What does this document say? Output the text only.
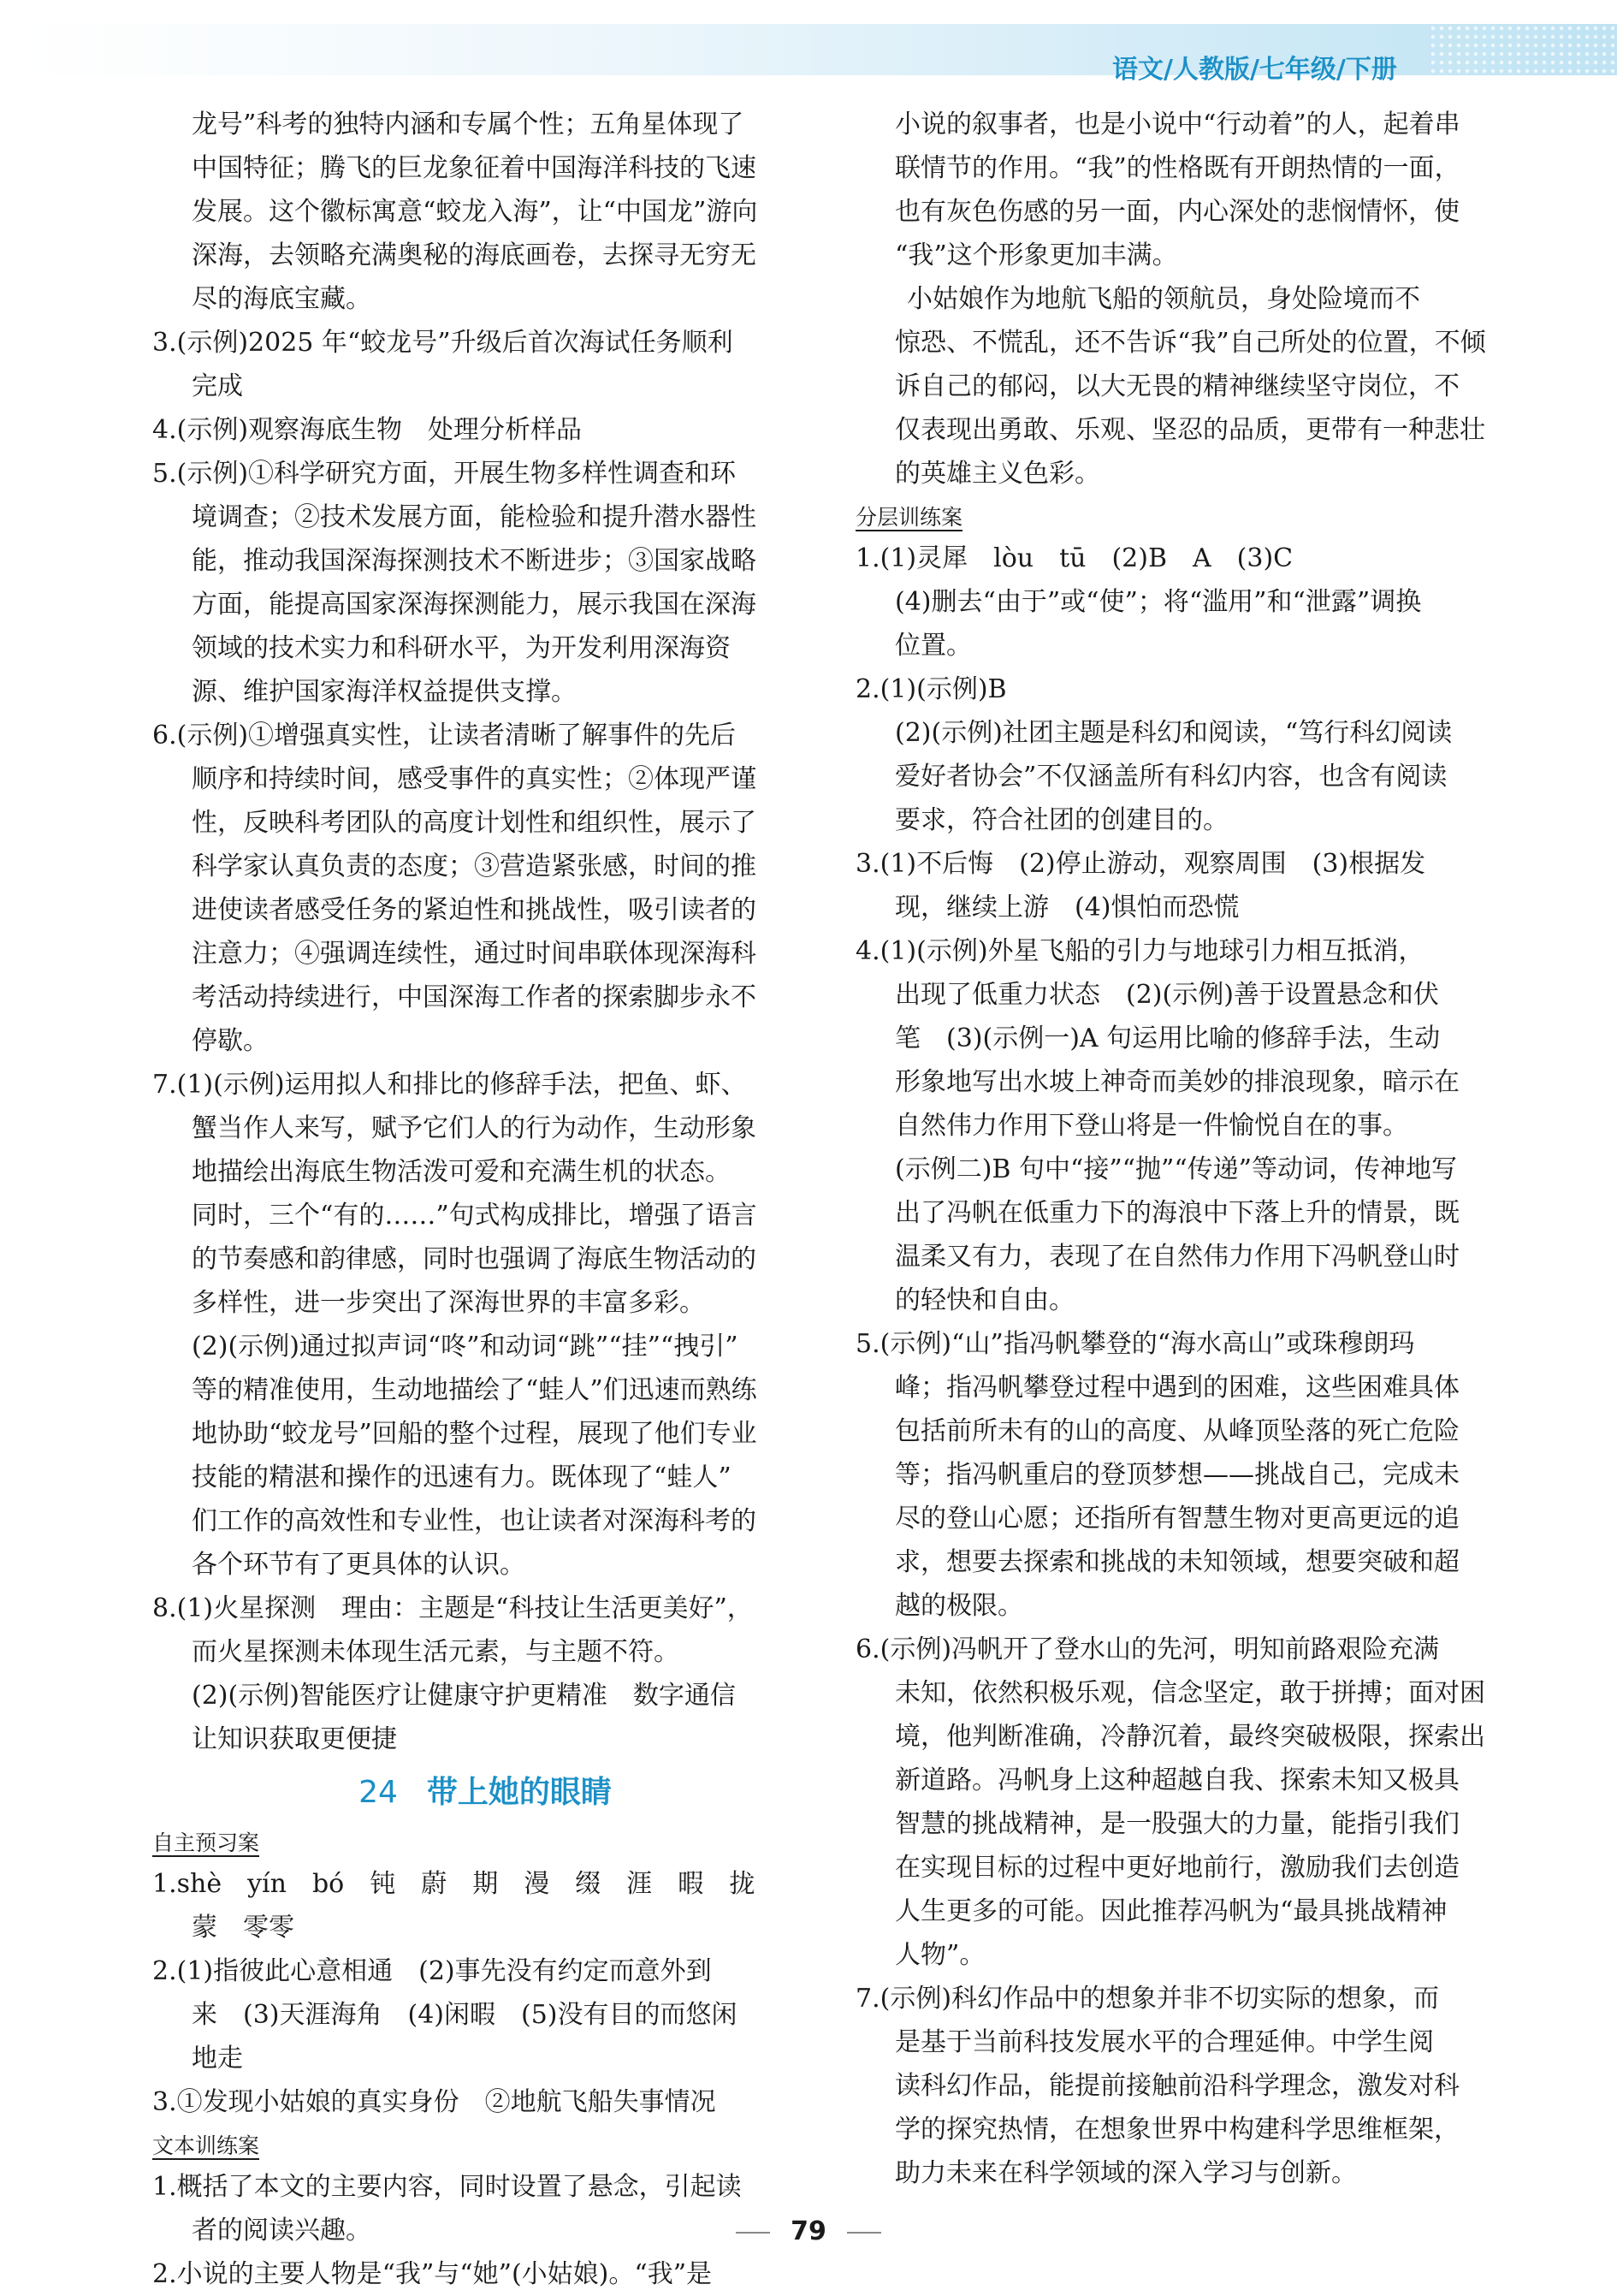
语文/人教版/七年级/下册
龙号”科考的独特内涵和专属个性；五角星体现了
中国特征；腾飞的巨龙象征着中国海洋科技的飞速
发展。这个徽标寓意“蛟龙入海”，让“中国龙”游向
深海，去领略充满奥秘的海底画卷，去探寻无穷无
尽的海底宝藏。
3.(示例)2025 年“蛟龙号”升级后首次海试任务顺利
完成
4.(示例)观察海底生物　处理分析样品
5.(示例)①科学研究方面，开展生物多样性调查和环
境调查；②技术发展方面，能检验和提升潜水器性
能，推动我国深海探测技术不断进步；③国家战略
方面，能提高国家深海探测能力，展示我国在深海
领域的技术实力和科研水平，为开发利用深海资
源、维护国家海洋权益提供支撑。
6.(示例)①增强真实性，让读者清晰了解事件的先后
顺序和持续时间，感受事件的真实性；②体现严谨
性，反映科考团队的高度计划性和组织性，展示了
科学家认真负责的态度；③营造紧张感，时间的推
进使读者感受任务的紧迫性和挑战性，吸引读者的
注意力；④强调连续性，通过时间串联体现深海科
考活动持续进行，中国深海工作者的探索脚步永不
停歇。
7.(1)(示例)运用拟人和排比的修辞手法，把鱼、虾、
蟹当作人来写，赋予它们人的行为动作，生动形象
地描绘出海底生物活泼可爱和充满生机的状态。
同时，三个“有的……”句式构成排比，增强了语言
的节奏感和韵律感，同时也强调了海底生物活动的
多样性，进一步突出了深海世界的丰富多彩。
(2)(示例)通过拟声词“咚”和动词“跳”“挂”“拽引”
等的精准使用，生动地描绘了“蛙人”们迅速而熟练
地协助“蛟龙号”回船的整个过程，展现了他们专业
技能的精湛和操作的迅速有力。既体现了“蛙人”
们工作的高效性和专业性，也让读者对深海科考的
各个环节有了更具体的认识。
8.(1)火星探测　理由：主题是“科技让生活更美好”，
而火星探测未体现生活元素，与主题不符。
(2)(示例)智能医疗让健康守护更精准　数字通信
让知识获取更便捷
24 带上她的眼睛
自主预习案
1.shè　yín　bó　钝　蔚　期　漫　缀　涯　暇　拢
蒙　零零
2.(1)指彼此心意相通　(2)事先没有约定而意外到
来　(3)天涯海角　(4)闲暇　(5)没有目的而悠闲
地走
3.①发现小姑娘的真实身份　②地航飞船失事情况
文本训练案
1.概括了本文的主要内容，同时设置了悬念，引起读
者的阅读兴趣。
2.小说的主要人物是“我”与“她”(小姑娘)。“我”是
小说的叙事者，也是小说中“行动着”的人，起着串
联情节的作用。“我”的性格既有开朗热情的一面，
也有灰色伤感的另一面，内心深处的悲悯情怀，使
“我”这个形象更加丰满。
小姑娘作为地航飞船的领航员，身处险境而不
惊恐、不慌乱，还不告诉“我”自己所处的位置，不倾
诉自己的郁闷，以大无畏的精神继续坚守岗位，不
仅表现出勇敢、乐观、坚忍的品质，更带有一种悲壮
的英雄主义色彩。
分层训练案
1.(1)灵犀　lòu　tū　(2)B　A　(3)C
(4)删去“由于”或“使”；将“滥用”和“泄露”调换
位置。
2.(1)(示例)B
(2)(示例)社团主题是科幻和阅读，“笃行科幻阅读
爱好者协会”不仅涵盖所有科幻内容，也含有阅读
要求，符合社团的创建目的。
3.(1)不后悔　(2)停止游动，观察周围　(3)根据发
现，继续上游　(4)惧怕而恐慌
4.(1)(示例)外星飞船的引力与地球引力相互抵消，
出现了低重力状态　(2)(示例)善于设置悬念和伏
笔　(3)(示例一)A 句运用比喻的修辞手法，生动
形象地写出水坡上神奇而美妙的排浪现象，暗示在
自然伟力作用下登山将是一件愉悦自在的事。
(示例二)B 句中“接”“抛”“传递”等动词，传神地写
出了冯帆在低重力下的海浪中下落上升的情景，既
温柔又有力，表现了在自然伟力作用下冯帆登山时
的轻快和自由。
5.(示例)“山”指冯帆攀登的“海水高山”或珠穆朗玛
峰；指冯帆攀登过程中遇到的困难，这些困难具体
包括前所未有的山的高度、从峰顶坠落的死亡危险
等；指冯帆重启的登顶梦想——挑战自己，完成未
尽的登山心愿；还指所有智慧生物对更高更远的追
求，想要去探索和挑战的未知领域，想要突破和超
越的极限。
6.(示例)冯帆开了登水山的先河，明知前路艰险充满
未知，依然积极乐观，信念坚定，敢于拼搏；面对困
境，他判断准确，冷静沉着，最终突破极限，探索出
新道路。冯帆身上这种超越自我、探索未知又极具
智慧的挑战精神，是一股强大的力量，能指引我们
在实现目标的过程中更好地前行，激励我们去创造
人生更多的可能。因此推荐冯帆为“最具挑战精神
人物”。
7.(示例)科幻作品中的想象并非不切实际的想象，而
是基于当前科技发展水平的合理延伸。中学生阅
读科幻作品，能提前接触前沿科学理念，激发对科
学的探究热情，在想象世界中构建科学思维框架，
助力未来在科学领域的深入学习与创新。
79
